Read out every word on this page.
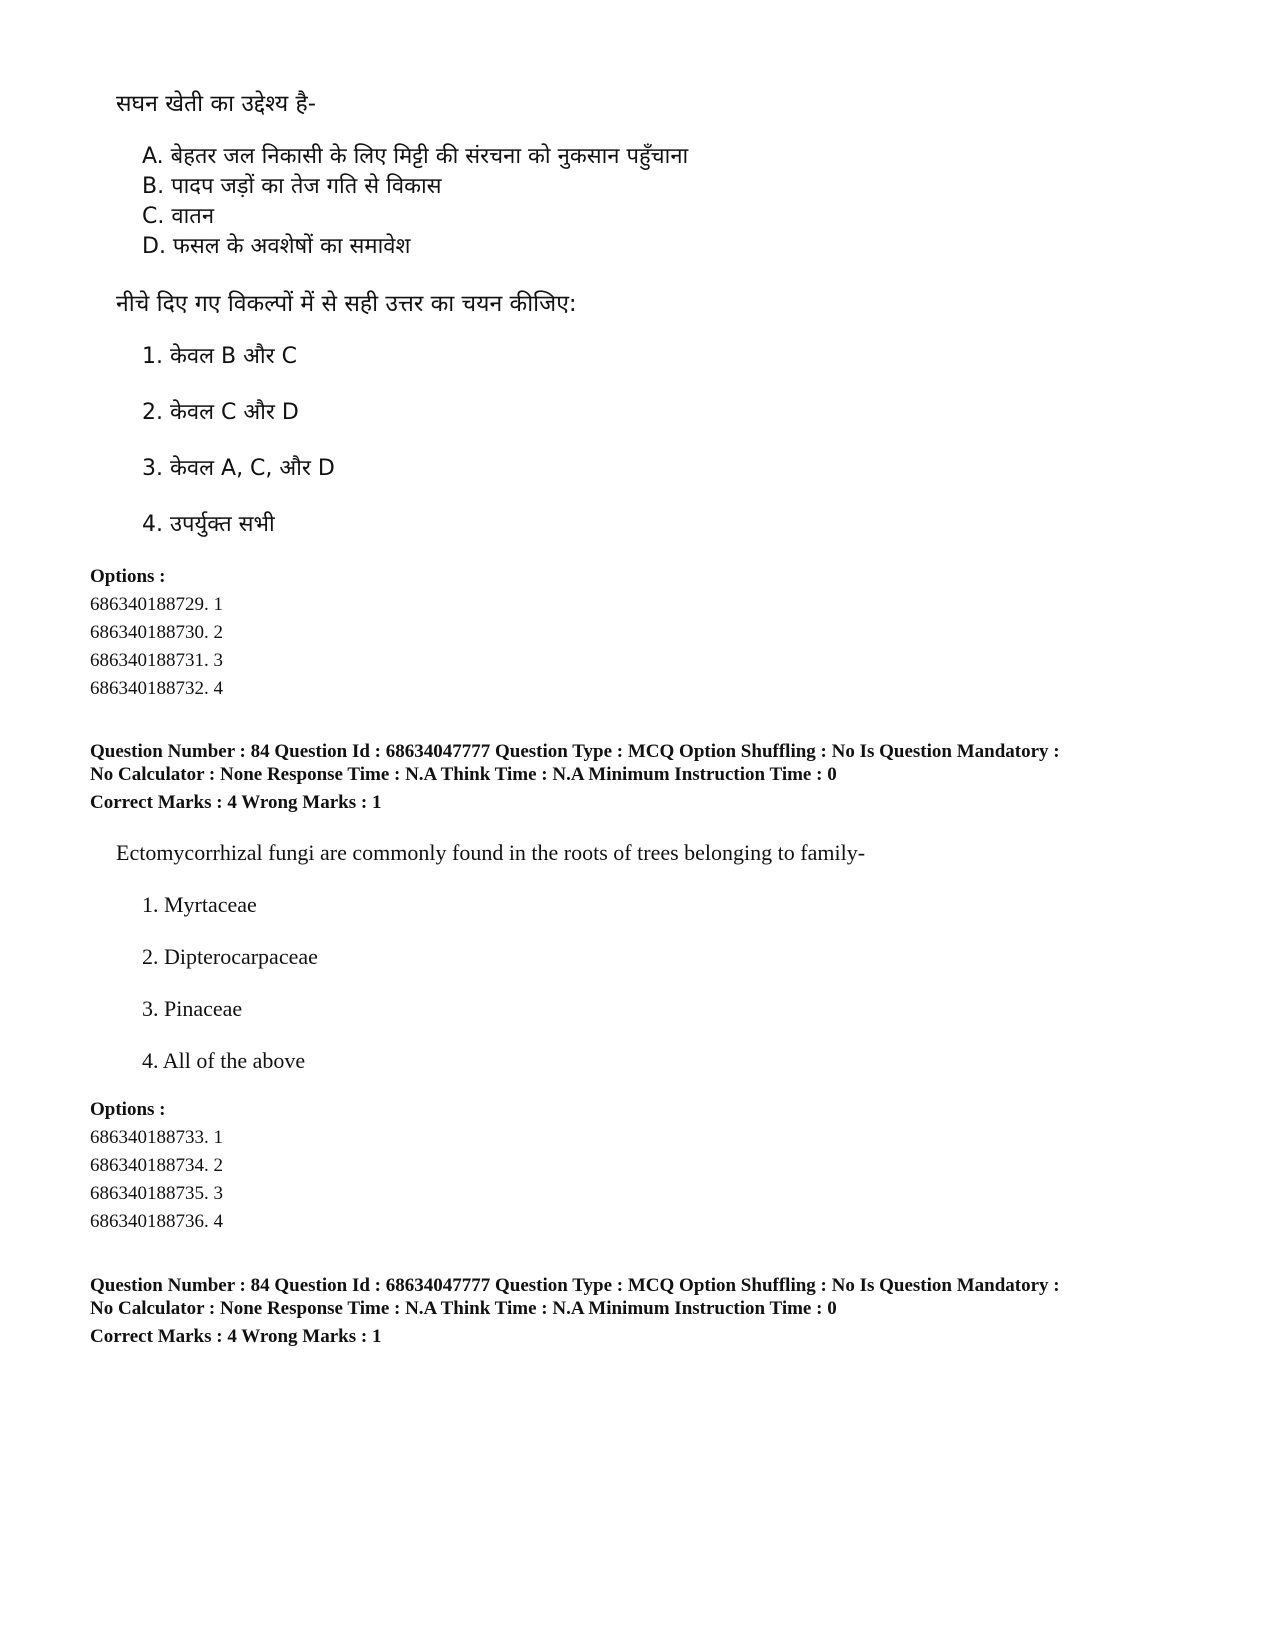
सघन खेती का उद्देश्य है-
A. बेहतर जल निकासी के लिए मिट्टी की संरचना को नुकसान पहुँचाना
B. पादप जड़ों का तेज गति से विकास
C. वातन
D. फसल के अवशेषों का समावेश
नीचे दिए गए विकल्पों में से सही उत्तर का चयन कीजिए:
1. केवल B और C
2. केवल C और D
3. केवल A, C, और D
4. उपर्युक्त सभी
Options :
686340188729. 1
686340188730. 2
686340188731. 3
686340188732. 4
Question Number : 84 Question Id : 68634047777 Question Type : MCQ Option Shuffling : No Is Question Mandatory :
No Calculator : None Response Time : N.A Think Time : N.A Minimum Instruction Time : 0
Correct Marks : 4 Wrong Marks : 1
Ectomycorrhizal fungi are commonly found in the roots of trees belonging to family-
1. Myrtaceae
2. Dipterocarpaceae
3. Pinaceae
4. All of the above
Options :
686340188733. 1
686340188734. 2
686340188735. 3
686340188736. 4
Question Number : 84 Question Id : 68634047777 Question Type : MCQ Option Shuffling : No Is Question Mandatory :
No Calculator : None Response Time : N.A Think Time : N.A Minimum Instruction Time : 0
Correct Marks : 4 Wrong Marks : 1
